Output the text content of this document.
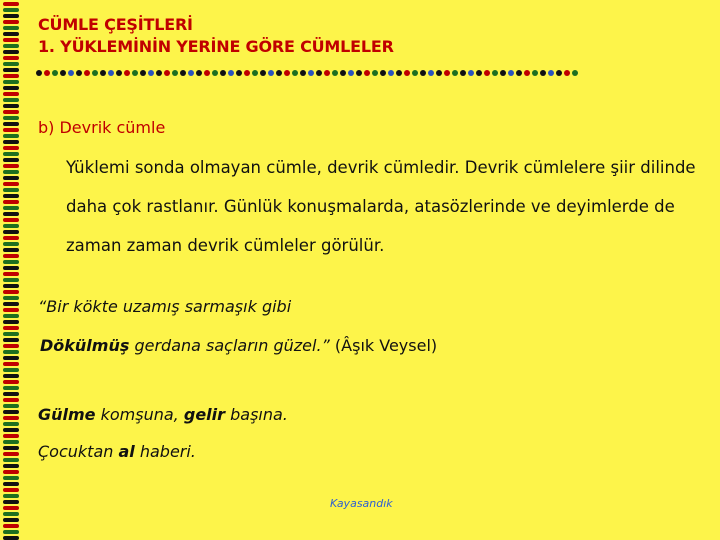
CÜMLE ÇEŞİTLERİ
1. YÜKLEMİNİN YERİNE GÖRE CÜMLELER
b) Devrik cümle
Yüklemi sonda olmayan cümle, devrik cümledir. Devrik cümlelere şiir dilinde daha çok rastlanır. Günlük konuşmalarda, atasözlerinde ve deyimlerde de zaman zaman devrik cümleler görülür.
“Bir kökte uzamış sarmaşık gibi
Dökülmüş gerdana saçların güzel.” (Âşık Veysel)
Gülme komşuna, gelir başına.
Çocuktan al haberi.
Kayasandık
